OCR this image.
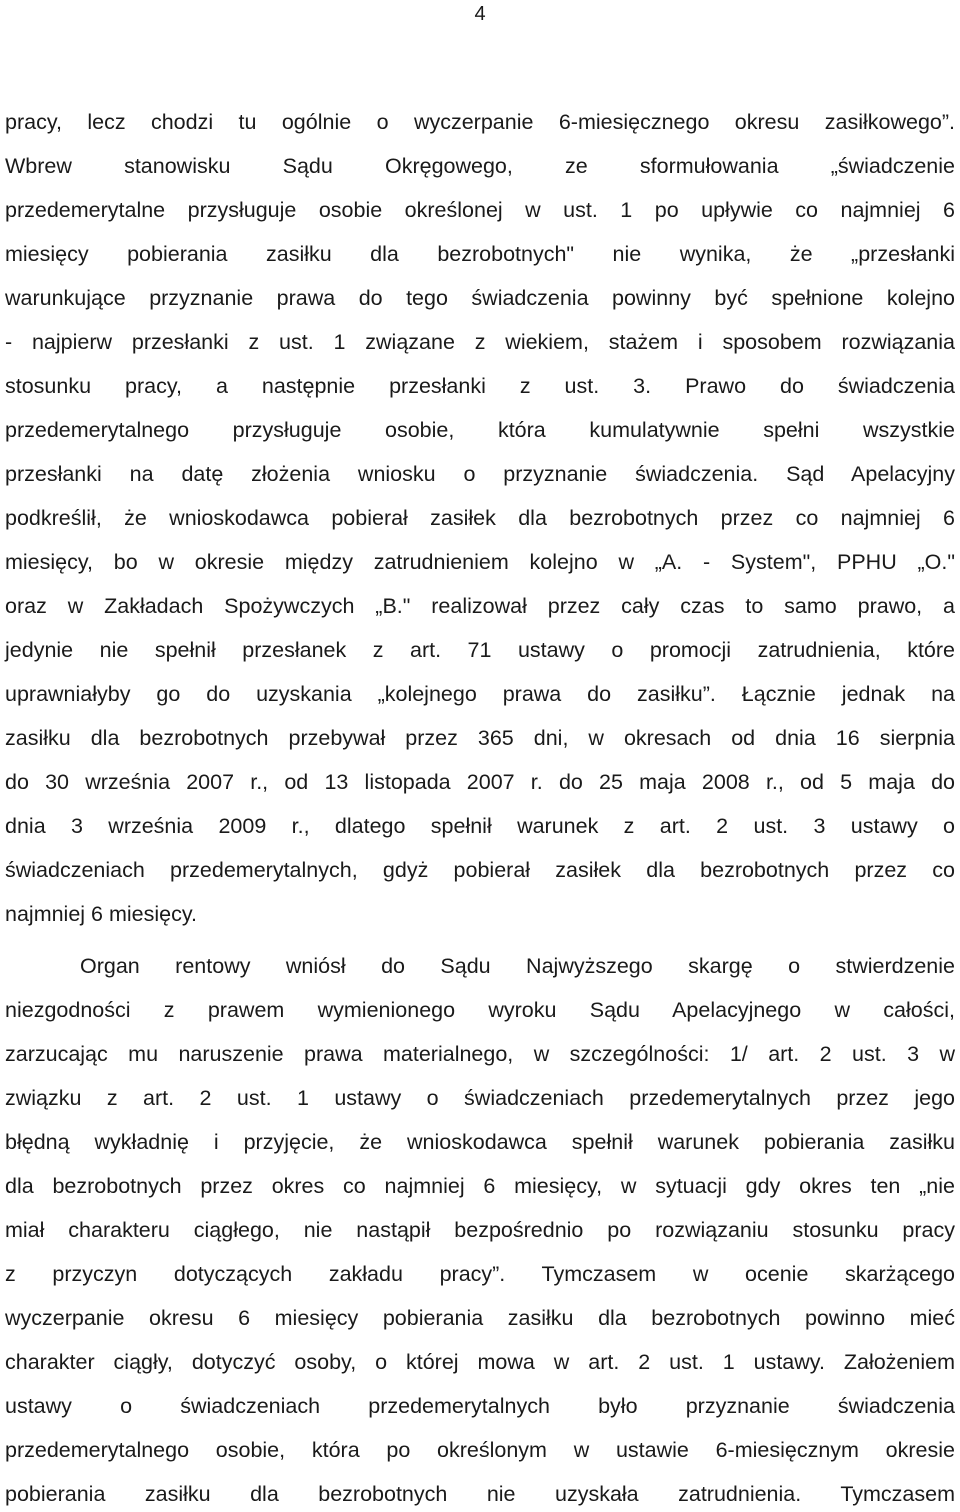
4
pracy, lecz chodzi tu ogólnie o wyczerpanie 6-miesięcznego okresu zasiłkowego”.
Wbrew stanowisku Sądu Okręgowego, ze sformułowania „świadczenie
przedemerytalne przysługuje osobie określonej w ust. 1 po upływie co najmniej 6
miesięcy pobierania zasiłku dla bezrobotnych" nie wynika, że „przesłanki
warunkujące przyznanie prawa do tego świadczenia powinny być spełnione kolejno
- najpierw przesłanki z ust. 1 związane z wiekiem, stażem i sposobem rozwiązania
stosunku pracy, a następnie przesłanki z ust. 3. Prawo do świadczenia
przedemerytalnego przysługuje osobie, która kumulatywnie spełni wszystkie
przesłanki na datę złożenia wniosku o przyznanie świadczenia. Sąd Apelacyjny
podkreślił, że wnioskodawca pobierał zasiłek dla bezrobotnych przez co najmniej 6
miesięcy, bo w okresie między zatrudnieniem kolejno w „A. - System", PPHU „O."
oraz w Zakładach Spożywczych „B." realizował przez cały czas to samo prawo, a
jedynie nie spełnił przesłanek z art. 71 ustawy o promocji zatrudnienia, które
uprawniałyby go do uzyskania „kolejnego prawa do zasiłku”. Łącznie jednak na
zasiłku dla bezrobotnych przebywał przez 365 dni, w okresach od dnia 16 sierpnia
do 30 września 2007 r., od 13 listopada 2007 r. do 25 maja 2008 r., od 5 maja do
dnia 3 września 2009 r., dlatego spełnił warunek z art. 2 ust. 3 ustawy o
świadczeniach przedemerytalnych, gdyż pobierał zasiłek dla bezrobotnych przez co
najmniej 6 miesięcy.
Organ rentowy wniósł do Sądu Najwyższego skargę o stwierdzenie
niezgodności z prawem wymienionego wyroku Sądu Apelacyjnego w całości,
zarzucając mu naruszenie prawa materialnego, w szczególności: 1/ art. 2 ust. 3 w
związku z art. 2 ust. 1 ustawy o świadczeniach przedemerytalnych przez jego
błędną wykładnię i przyjęcie, że wnioskodawca spełnił warunek pobierania zasiłku
dla bezrobotnych przez okres co najmniej 6 miesięcy, w sytuacji gdy okres ten „nie
miał charakteru ciągłego, nie nastąpił bezpośrednio po rozwiązaniu stosunku pracy
z przyczyn dotyczących zakładu pracy”. Tymczasem w ocenie skarżącego
wyczerpanie okresu 6 miesięcy pobierania zasiłku dla bezrobotnych powinno mieć
charakter ciągły, dotyczyć osoby, o której mowa w art. 2 ust. 1 ustawy. Założeniem
ustawy o świadczeniach przedemerytalnych było przyznanie świadczenia
przedemerytalnego osobie, która po określonym w ustawie 6-miesięcznym okresie
pobierania zasiłku dla bezrobotnych nie uzyskała zatrudnienia. Tymczasem
